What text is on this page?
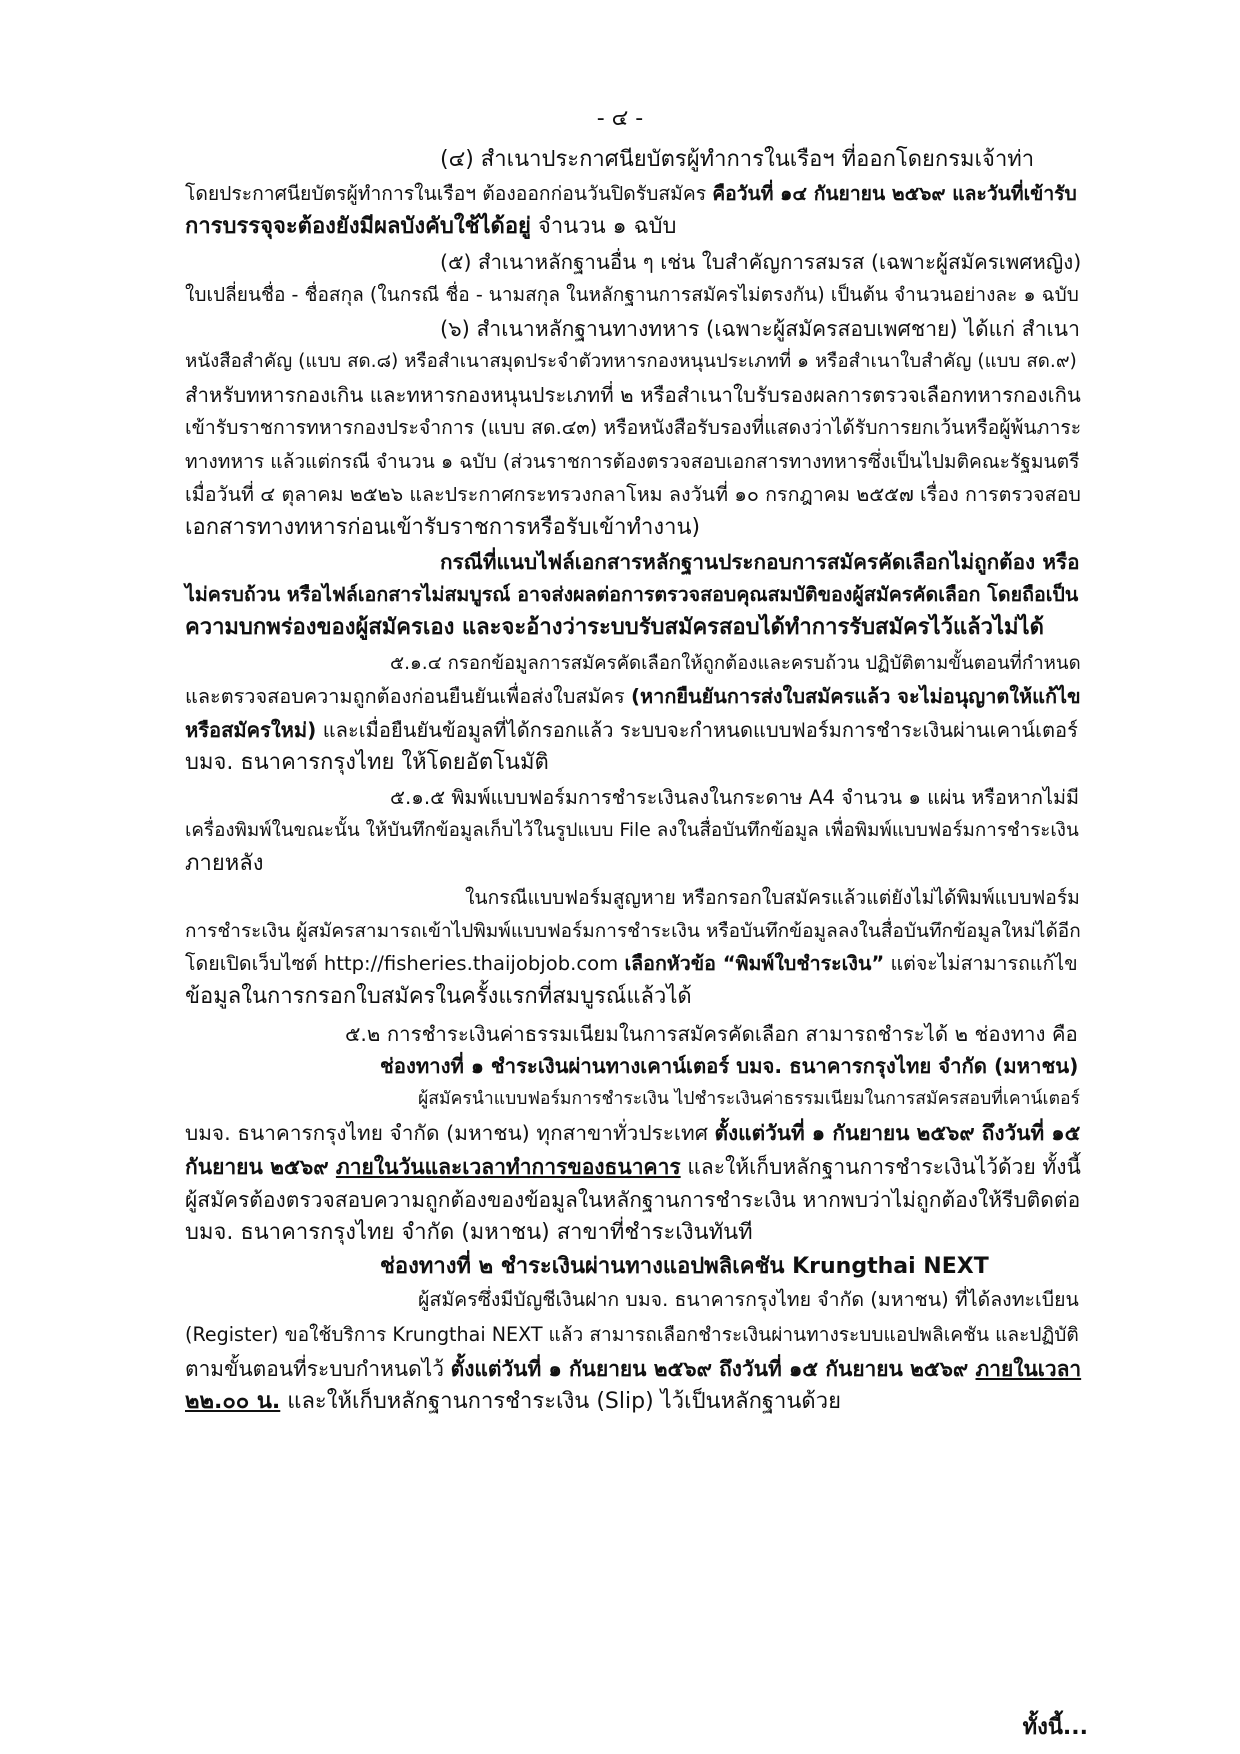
- ๔ -
(๔) สำเนาประกาศนียบัตรผู้ทำการในเรือฯ ที่ออกโดยกรมเจ้าท่า
โดยประกาศนียบัตรผู้ทำการในเรือฯ ต้องออกก่อนวันปิดรับสมัคร คือวันที่ ๑๔ กันยายน ๒๕๖๙ และวันที่เข้ารับ
การบรรจุจะต้องยังมีผลบังคับใช้ได้อยู่ จำนวน ๑ ฉบับ
(๕) สำเนาหลักฐานอื่น ๆ เช่น ใบสำคัญการสมรส (เฉพาะผู้สมัครเพศหญิง)
ใบเปลี่ยนชื่อ - ชื่อสกุล (ในกรณี ชื่อ - นามสกุล ในหลักฐานการสมัครไม่ตรงกัน) เป็นต้น จำนวนอย่างละ ๑ ฉบับ
(๖) สำเนาหลักฐานทางทหาร (เฉพาะผู้สมัครสอบเพศชาย) ได้แก่ สำเนา
หนังสือสำคัญ (แบบ สด.๘) หรือสำเนาสมุดประจำตัวทหารกองหนุนประเภทที่ ๑ หรือสำเนาใบสำคัญ (แบบ สด.๙)
สำหรับทหารกองเกิน และทหารกองหนุนประเภทที่ ๒ หรือสำเนาใบรับรองผลการตรวจเลือกทหารกองเกิน
เข้ารับราชการทหารกองประจำการ (แบบ สด.๔๓) หรือหนังสือรับรองที่แสดงว่าได้รับการยกเว้นหรือผู้พ้นภาระ
ทางทหาร แล้วแต่กรณี จำนวน ๑ ฉบับ (ส่วนราชการต้องตรวจสอบเอกสารทางทหารซึ่งเป็นไปมติคณะรัฐมนตรี
เมื่อวันที่ ๔ ตุลาคม ๒๕๒๖ และประกาศกระทรวงกลาโหม ลงวันที่ ๑๐ กรกฎาคม ๒๕๕๗ เรื่อง การตรวจสอบ
เอกสารทางทหารก่อนเข้ารับราชการหรือรับเข้าทำงาน)
กรณีที่แนบไฟล์เอกสารหลักฐานประกอบการสมัครคัดเลือกไม่ถูกต้อง หรือ
ไม่ครบถ้วน หรือไฟล์เอกสารไม่สมบูรณ์ อาจส่งผลต่อการตรวจสอบคุณสมบัติของผู้สมัครคัดเลือก โดยถือเป็น
ความบกพร่องของผู้สมัครเอง และจะอ้างว่าระบบรับสมัครสอบได้ทำการรับสมัครไว้แล้วไม่ได้
๕.๑.๔ กรอกข้อมูลการสมัครคัดเลือกให้ถูกต้องและครบถ้วน ปฏิบัติตามขั้นตอนที่กำหนด
และตรวจสอบความถูกต้องก่อนยืนยันเพื่อส่งใบสมัคร (หากยืนยันการส่งใบสมัครแล้ว จะไม่อนุญาตให้แก้ไข
หรือสมัครใหม่) และเมื่อยืนยันข้อมูลที่ได้กรอกแล้ว ระบบจะกำหนดแบบฟอร์มการชำระเงินผ่านเคาน์เตอร์
บมจ. ธนาคารกรุงไทย ให้โดยอัตโนมัติ
๕.๑.๕ พิมพ์แบบฟอร์มการชำระเงินลงในกระดาษ A4 จำนวน ๑ แผ่น หรือหากไม่มี
เครื่องพิมพ์ในขณะนั้น ให้บันทึกข้อมูลเก็บไว้ในรูปแบบ File ลงในสื่อบันทึกข้อมูล เพื่อพิมพ์แบบฟอร์มการชำระเงิน
ภายหลัง
ในกรณีแบบฟอร์มสูญหาย หรือกรอกใบสมัครแล้วแต่ยังไม่ได้พิมพ์แบบฟอร์ม
การชำระเงิน ผู้สมัครสามารถเข้าไปพิมพ์แบบฟอร์มการชำระเงิน หรือบันทึกข้อมูลลงในสื่อบันทึกข้อมูลใหม่ได้อีก
โดยเปิดเว็บไซต์ http://fisheries.thaijobjob.com เลือกหัวข้อ “พิมพ์ใบชำระเงิน” แต่จะไม่สามารถแก้ไข
ข้อมูลในการกรอกใบสมัครในครั้งแรกที่สมบูรณ์แล้วได้
๕.๒ การชำระเงินค่าธรรมเนียมในการสมัครคัดเลือก สามารถชำระได้ ๒ ช่องทาง คือ
ช่องทางที่ ๑ ชำระเงินผ่านทางเคาน์เตอร์ บมจ. ธนาคารกรุงไทย จำกัด (มหาชน)
ผู้สมัครนำแบบฟอร์มการชำระเงิน ไปชำระเงินค่าธรรมเนียมในการสมัครสอบที่เคาน์เตอร์
บมจ. ธนาคารกรุงไทย จำกัด (มหาชน) ทุกสาขาทั่วประเทศ ตั้งแต่วันที่ ๑ กันยายน ๒๕๖๙ ถึงวันที่ ๑๕
กันยายน ๒๕๖๙ ภายในวันและเวลาทำการของธนาคาร และให้เก็บหลักฐานการชำระเงินไว้ด้วย ทั้งนี้
ผู้สมัครต้องตรวจสอบความถูกต้องของข้อมูลในหลักฐานการชำระเงิน หากพบว่าไม่ถูกต้องให้รีบติดต่อ
บมจ. ธนาคารกรุงไทย จำกัด (มหาชน) สาขาที่ชำระเงินทันที
ช่องทางที่ ๒ ชำระเงินผ่านทางแอปพลิเคชัน Krungthai NEXT
ผู้สมัครซึ่งมีบัญชีเงินฝาก บมจ. ธนาคารกรุงไทย จำกัด (มหาชน) ที่ได้ลงทะเบียน
(Register) ขอใช้บริการ Krungthai NEXT แล้ว สามารถเลือกชำระเงินผ่านทางระบบแอปพลิเคชัน และปฏิบัติ
ตามขั้นตอนที่ระบบกำหนดไว้ ตั้งแต่วันที่ ๑ กันยายน ๒๕๖๙ ถึงวันที่ ๑๕ กันยายน ๒๕๖๙ ภายในเวลา
๒๒.๐๐ น. และให้เก็บหลักฐานการชำระเงิน (Slip) ไว้เป็นหลักฐานด้วย
ทั้งนี้...
